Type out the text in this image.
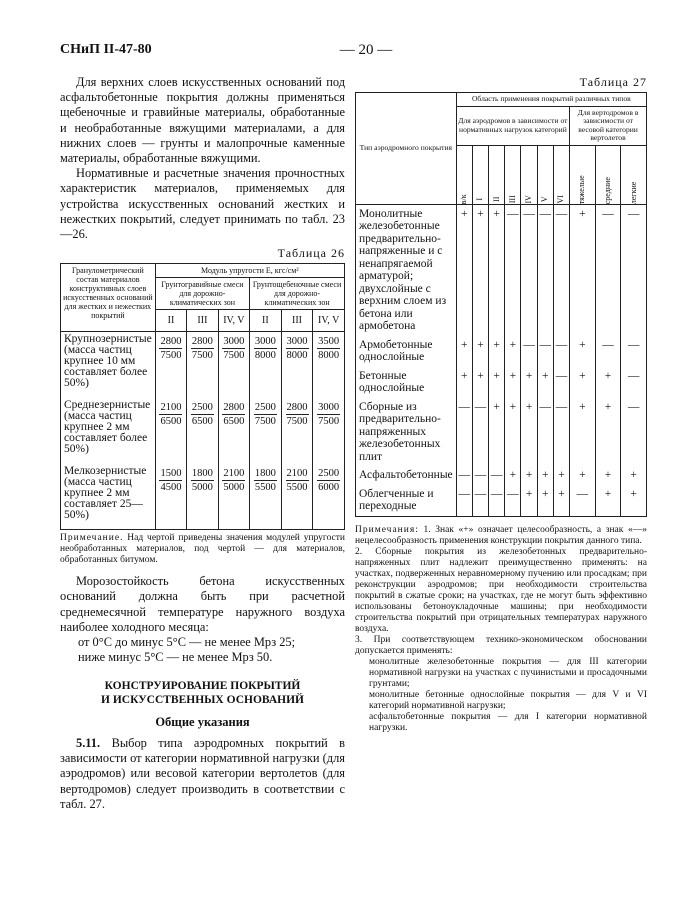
СНиП II-47-80	— 20 —

Для верхних слоев искусственных оснований под асфальтобетонные покрытия должны применяться щебеночные и гравийные материалы, обработанные и необработанные вяжущими материалами, а для нижних слоев — грунты и малопрочные каменные материалы, обработанные вяжущими.

Нормативные и расчетные значения прочностных характеристик материалов, применяемых для устройства искусственных оснований жестких и нежестких покрытий, следует принимать по табл. 23—26.

Таблица 26
Гранулометрический состав материалов конструктивных слоев искусственных оснований для жестких и нежестких покрытий	Модуль упругости E, кгс/см²					
	Грунтогравийные смеси для дорожно-климатических зон			Грунтощебеночные смеси для дорожно-климатических зон		
	II	III	IV, V	II	III	IV, V
Крупнозернистые (масса частиц крупнее 10 мм составляет более 50%)	$\frac{2800}{7500}$	$\frac{2800}{7500}$	$\frac{3000}{7500}$	$\frac{3000}{8000}$	$\frac{3000}{8000}$	$\frac{3500}{8000}$

Среднезернистые (масса частиц крупнее 2 мм составляет более 50%)	$\frac{2100}{6500}$	$\frac{2500}{6500}$	$\frac{2800}{6500}$	$\frac{2500}{7500}$	$\frac{2800}{7500}$	$\frac{3000}{7500}$

Мелкозернистые (масса частиц крупнее 2 мм составляет 25—50%)	$\frac{1500}{4500}$	$\frac{1800}{5000}$	$\frac{2100}{5000}$	$\frac{1800}{5500}$	$\frac{2100}{5500}$	$\frac{2500}{6000}$

Примечание. Над чертой приведены значения модулей упругости необработанных материалов, под чертой — для материалов, обработанных битумом.

Морозостойкость бетона искусственных оснований должна быть при расчетной среднемесячной температуре наружного воздуха наиболее холодного месяца:

от 0°С до минус 5°С — не менее Мрз 25;

ниже минус 5°С — не менее Мрз 50.

КОНСТРУИРОВАНИЕ ПОКРЫТИЙ
И ИСКУССТВЕННЫХ ОСНОВАНИЙ

Общие указания

5.11. Выбор типа аэродромных покрытий в зависимости от категории нормативной нагрузки (для аэродромов) или весовой категории вертолетов (для вертодромов) следует производить в соответствии с табл. 27.

Таблица 27
Тип аэродромного покрытия	Область применения покрытий различных типов									
	Для аэродромов в зависимости от нормативных нагрузок категорий							Для вертодромов в зависимости от весовой категории вертолетов		
	в/к	I	II	III	IV	V	VI	тяжелые	средние	легкие
Монолитные железобетонные предварительно-напряженные и с ненапрягаемой арматурой; двухслойные с верхним слоем из бетона или армобетона	+	+	+	—	—	—	—	+	—	—
Армобетонные однослойные	+	+	+	+	—	—	—	+	—	—
Бетонные однослойные	+	+	+	+	+	+	—	+	+	—
Сборные из предварительно-напряженных железобетонных плит	—	—	+	+	+	—	—	+	+	—
Асфальтобетонные	—	—	—	+	+	+	+	+	+	+
Облегченные и переходные	—	—	—	—	+	+	+	—	+	+

Примечания: 1. Знак «+» означает целесообразность, а знак «—» нецелесообразность применения конструкции покрытия данного типа.

2. Сборные покрытия из железобетонных предварительно-напряженных плит надлежит преимущественно применять: на участках, подверженных неравномерному пучению или просадкам; при реконструкции аэродромов; при необходимости строительства покрытий в сжатые сроки; на участках, где не могут быть эффективно использованы бетоноукладочные машины; при необходимости строительства покрытий при отрицательных температурах наружного воздуха.

3. При соответствующем технико-экономическом обосновании допускается применять:

монолитные железобетонные покрытия — для III категории нормативной нагрузки на участках с пучинистыми и просадочными грунтами;

монолитные бетонные однослойные покрытия — для V и VI категорий нормативной нагрузки;

асфальтобетонные покрытия — для I категории нормативной нагрузки.
